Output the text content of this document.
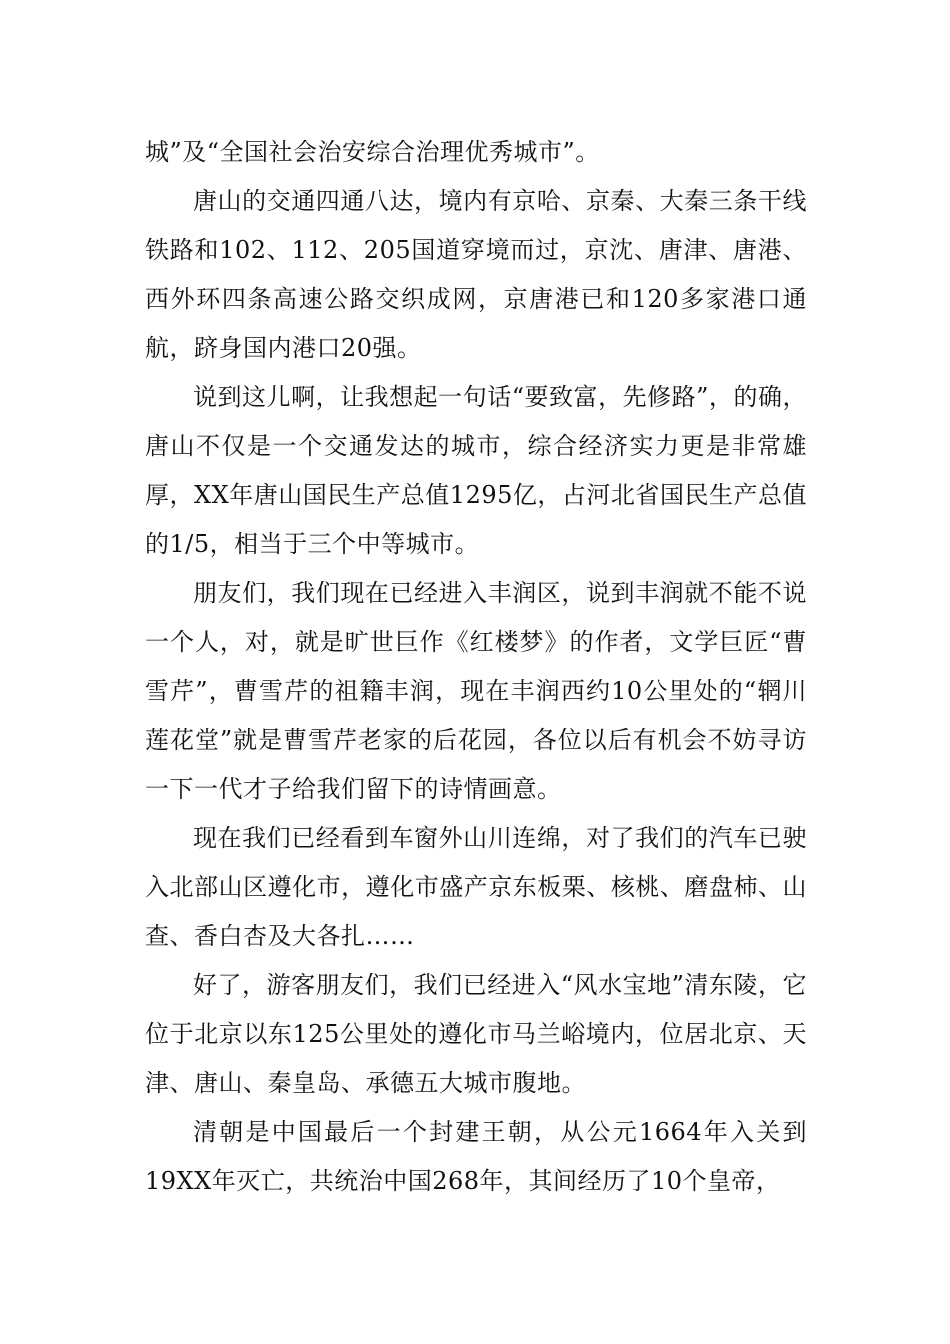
城”及“全国社会治安综合治理优秀城市”。

唐山的交通四通八达，境内有京哈、京秦、大秦三条干线铁路和102、112、205国道穿境而过，京沈、唐津、唐港、西外环四条高速公路交织成网，京唐港已和120多家港口通航，跻身国内港口20强。

说到这儿啊，让我想起一句话“要致富，先修路”，的确，唐山不仅是一个交通发达的城市，综合经济实力更是非常雄厚，XX年唐山国民生产总值1295亿，占河北省国民生产总值的1/5，相当于三个中等城市。

朋友们，我们现在已经进入丰润区，说到丰润就不能不说一个人，对，就是旷世巨作《红楼梦》的作者，文学巨匠“曹雪芹”，曹雪芹的祖籍丰润，现在丰润西约10公里处的“辋川莲花堂”就是曹雪芹老家的后花园，各位以后有机会不妨寻访一下一代才子给我们留下的诗情画意。

现在我们已经看到车窗外山川连绵，对了我们的汽车已驶入北部山区遵化市，遵化市盛产京东板栗、核桃、磨盘柿、山查、香白杏及大各扎……

好了，游客朋友们，我们已经进入“风水宝地”清东陵，它位于北京以东125公里处的遵化市马兰峪境内，位居北京、天津、唐山、秦皇岛、承德五大城市腹地。

清朝是中国最后一个封建王朝，从公元1664年入关到19XX年灭亡，共统治中国268年，其间经历了10个皇帝，
